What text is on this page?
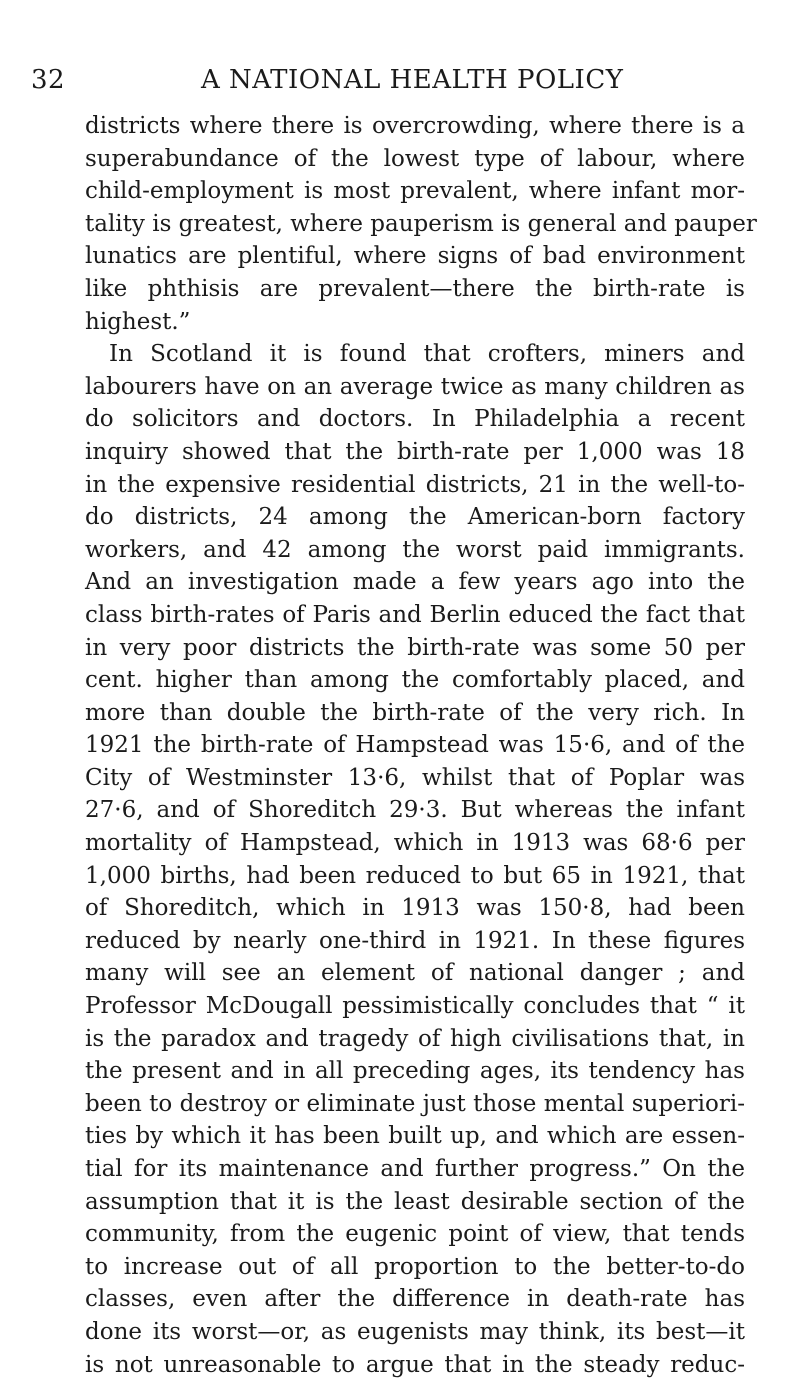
32	A NATIONAL HEALTH POLICY
districts where there is overcrowding, where there is a
superabundance of the lowest type of labour, where
child-employment is most prevalent, where infant mor-
tality is greatest, where pauperism is general and pauper
lunatics are plentiful, where signs of bad environment
like phthisis are prevalent—there the birth-rate is
highest.”
In Scotland it is found that crofters, miners and
labourers have on an average twice as many children as
do solicitors and doctors. In Philadelphia a recent
inquiry showed that the birth-rate per 1,000 was 18
in the expensive residential districts, 21 in the well-to-
do districts, 24 among the American-born factory
workers, and 42 among the worst paid immigrants.
And an investigation made a few years ago into the
class birth-rates of Paris and Berlin educed the fact that
in very poor districts the birth-rate was some 50 per
cent. higher than among the comfortably placed, and
more than double the birth-rate of the very rich. In
1921 the birth-rate of Hampstead was 15·6, and of the
City of Westminster 13·6, whilst that of Poplar was
27·6, and of Shoreditch 29·3. But whereas the infant
mortality of Hampstead, which in 1913 was 68·6 per
1,000 births, had been reduced to but 65 in 1921, that
of Shoreditch, which in 1913 was 150·8, had been
reduced by nearly one-third in 1921. In these figures
many will see an element of national danger ; and
Professor McDougall pessimistically concludes that “ it
is the paradox and tragedy of high civilisations that, in
the present and in all preceding ages, its tendency has
been to destroy or eliminate just those mental superiori-
ties by which it has been built up, and which are essen-
tial for its maintenance and further progress.” On the
assumption that it is the least desirable section of the
community, from the eugenic point of view, that tends
to increase out of all proportion to the better-to-do
classes, even after the difference in death-rate has
done its worst—or, as eugenists may think, its best—it
is not unreasonable to argue that in the steady reduc-
